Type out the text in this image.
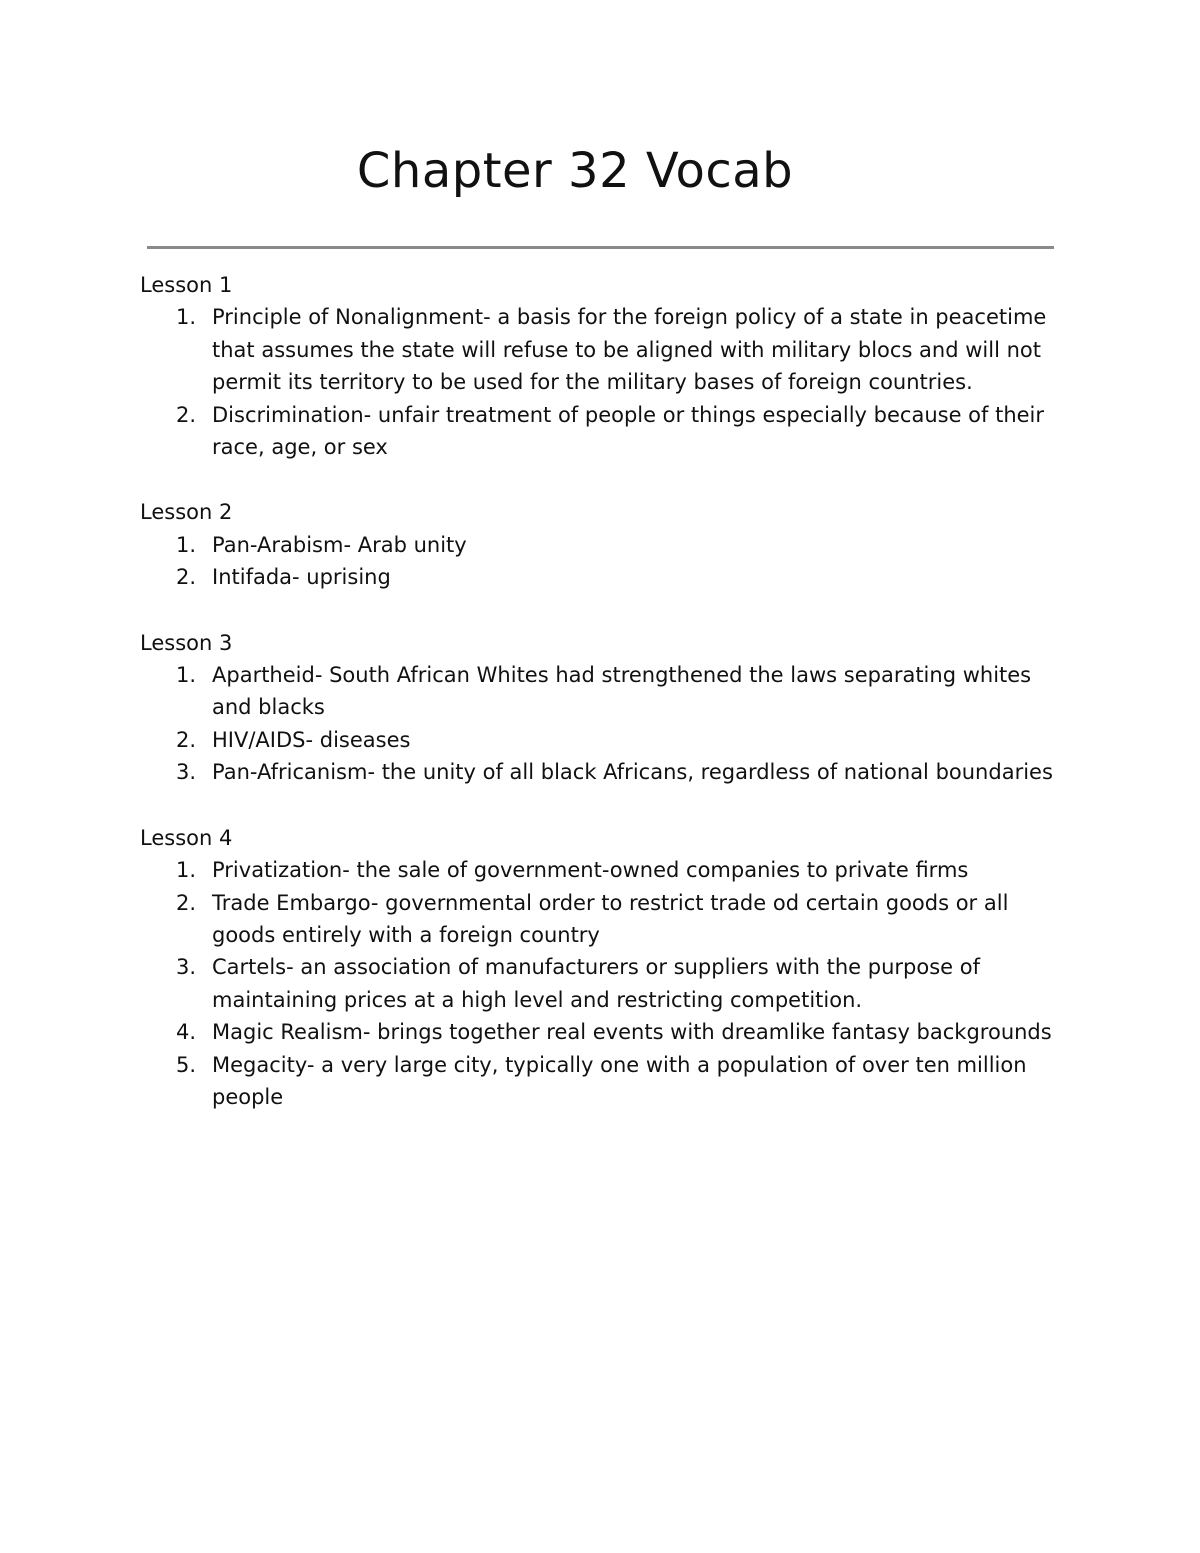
Chapter 32 Vocab

Lesson 1

1. Principle of Nonalignment- a basis for the foreign policy of a state in peacetime that assumes the state will refuse to be aligned with military blocs and will not permit its territory to be used for the military bases of foreign countries.
2. Discrimination- unfair treatment of people or things especially because of their race, age, or sex

Lesson 2

1. Pan-Arabism- Arab unity
2. Intifada- uprising

Lesson 3

1. Apartheid- South African Whites had strengthened the laws separating whites and blacks
2. HIV/AIDS- diseases
3. Pan-Africanism- the unity of all black Africans, regardless of national boundaries

Lesson 4

1. Privatization- the sale of government-owned companies to private firms
2. Trade Embargo- governmental order to restrict trade od certain goods or all goods entirely with a foreign country
3. Cartels- an association of manufacturers or suppliers with the purpose of maintaining prices at a high level and restricting competition.
4. Magic Realism- brings together real events with dreamlike fantasy backgrounds
5. Megacity- a very large city, typically one with a population of over ten million people
